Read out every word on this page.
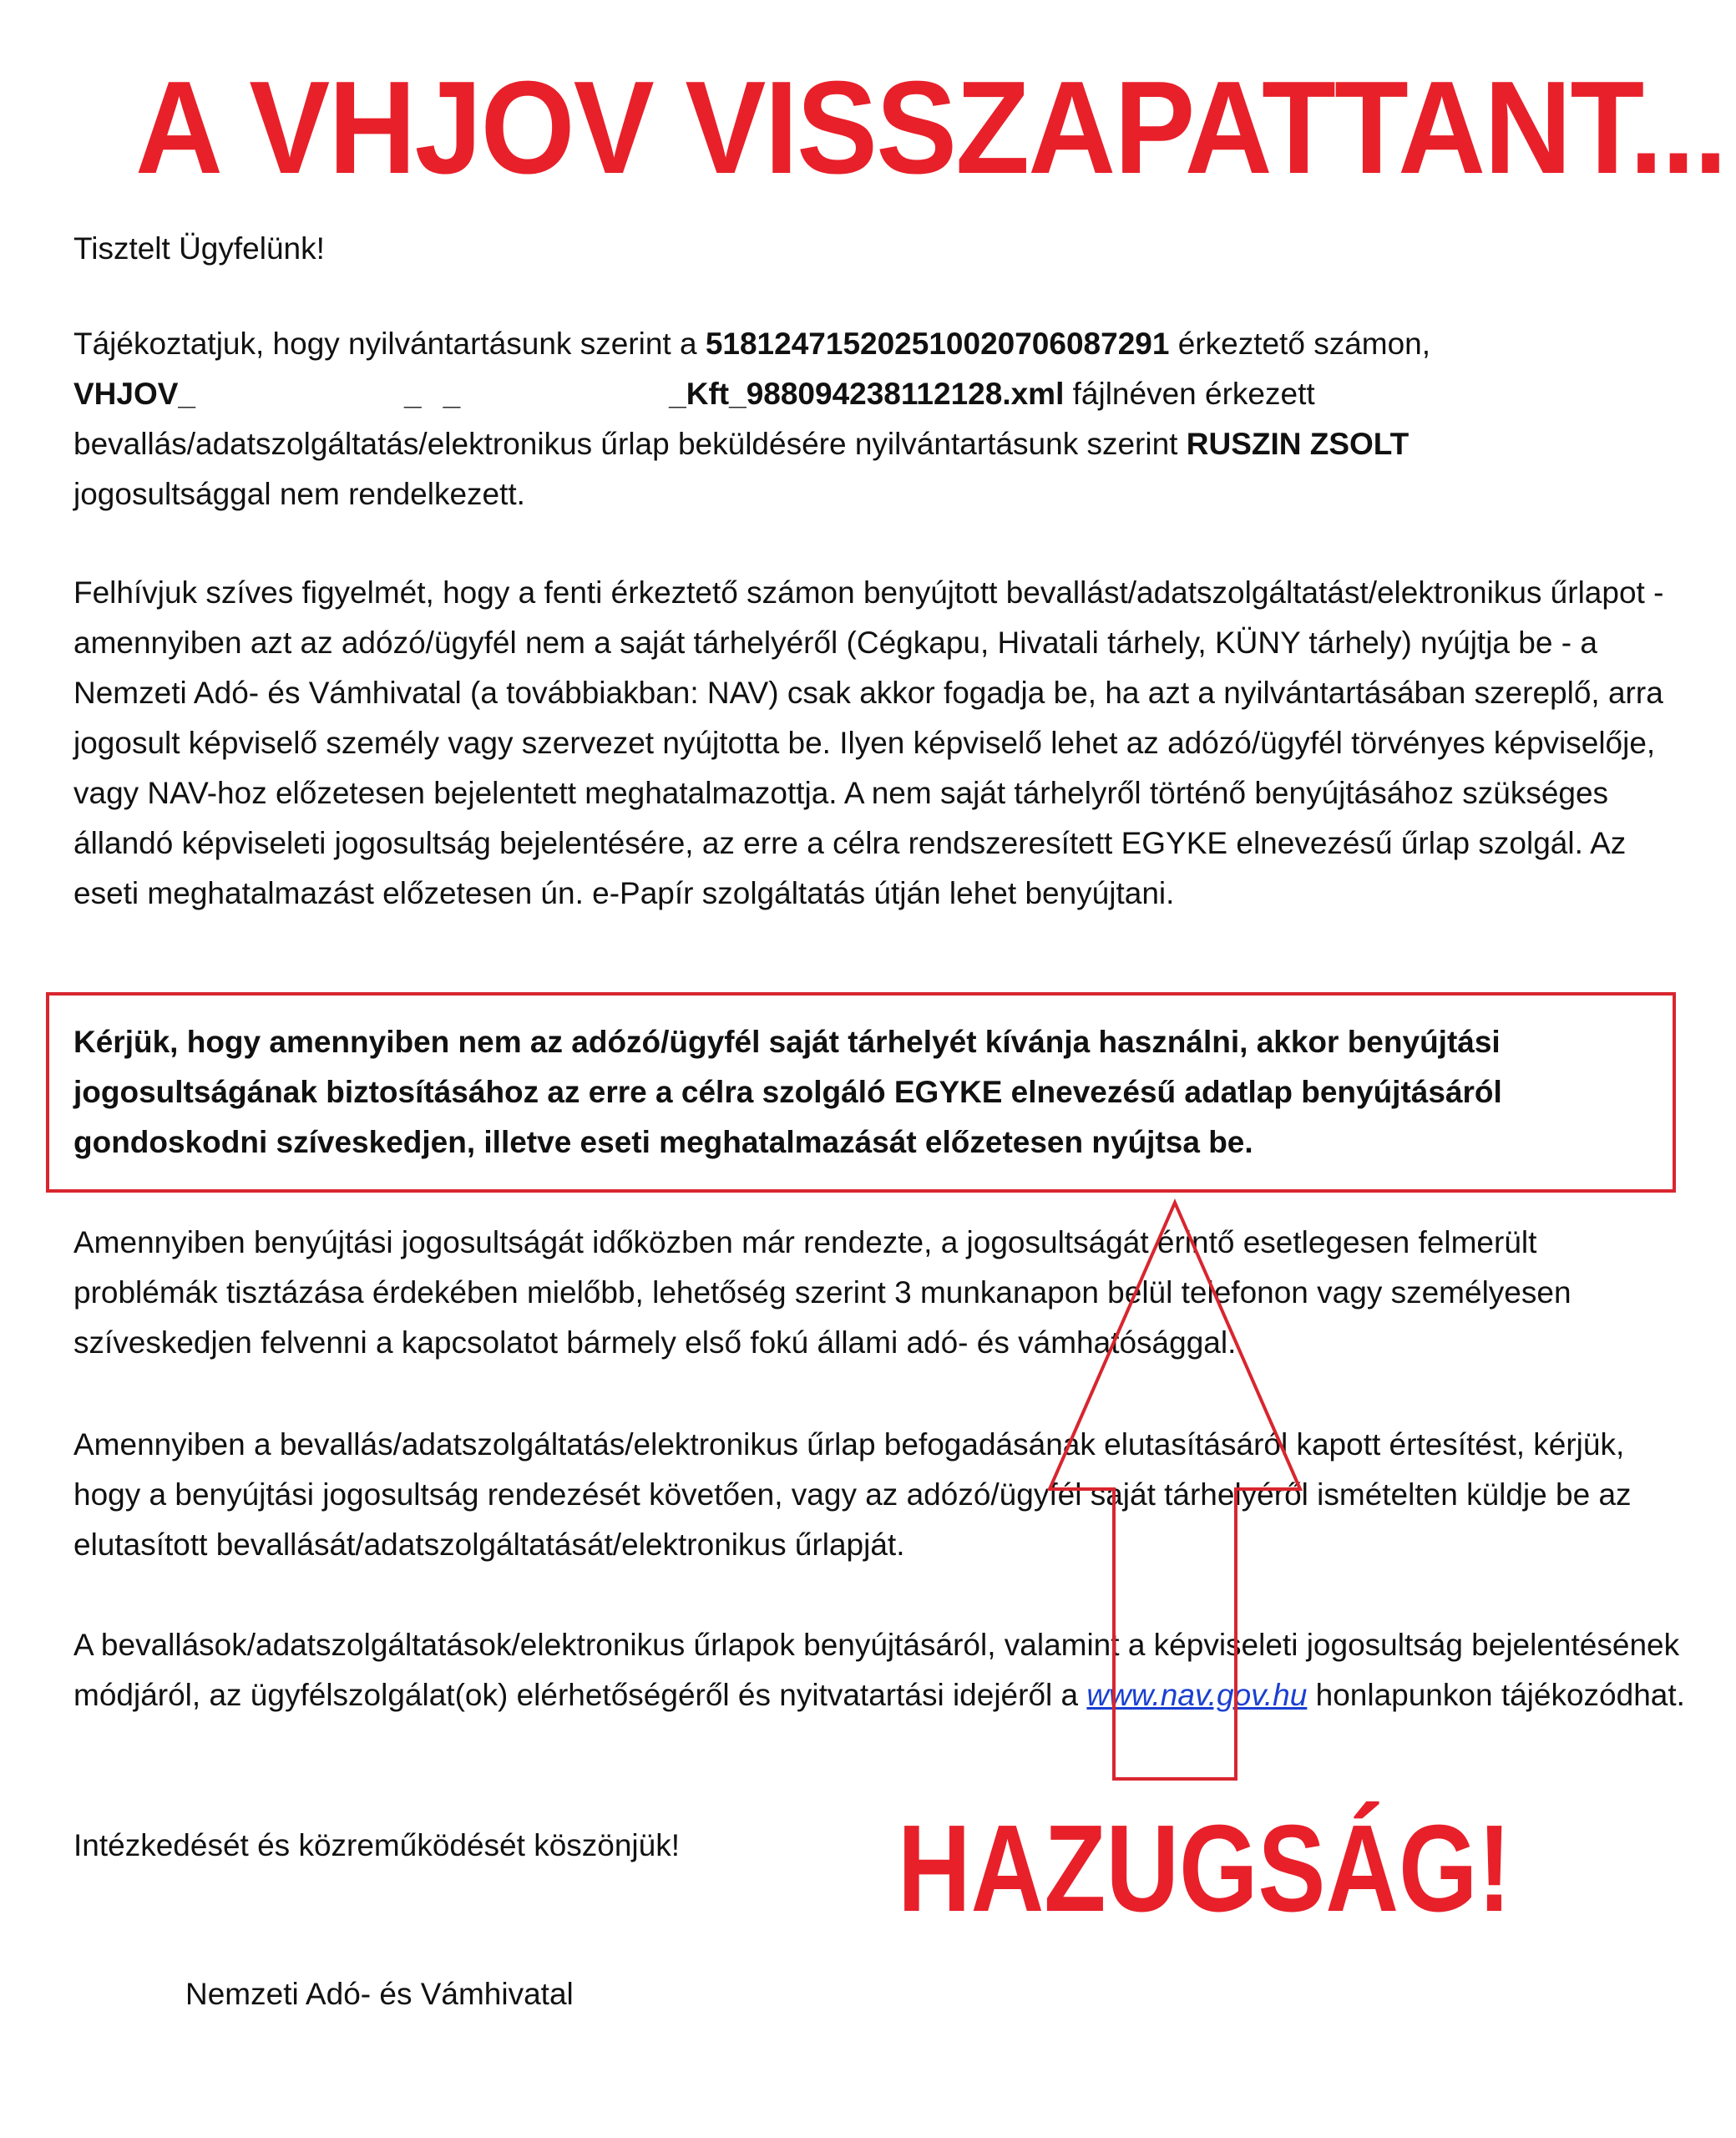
A VHJOV VISSZAPATTANT...

Tisztelt Ügyfelünk!

Tájékoztatjuk, hogy nyilvántartásunk szerint a 518124715202510020706087291 érkeztető számon,
VHJOV_	_ _	_Kft_988094238112128.xml fájlnéven érkezett
bevallás/adatszolgáltatás/elektronikus űrlap beküldésére nyilvántartásunk szerint RUSZIN ZSOLT
jogosultsággal nem rendelkezett.

Felhívjuk szíves figyelmét, hogy a fenti érkeztető számon benyújtott bevallást/adatszolgáltatást/elektronikus űrlapot - amennyiben azt az adózó/ügyfél nem a saját tárhelyéről (Cégkapu, Hivatali tárhely, KÜNY tárhely) nyújtja be - a Nemzeti Adó- és Vámhivatal (a továbbiakban: NAV) csak akkor fogadja be, ha azt a nyilvántartásában szereplő, arra jogosult képviselő személy vagy szervezet nyújtotta be. Ilyen képviselő lehet az adózó/ügyfél törvényes képviselője, vagy NAV-hoz előzetesen bejelentett meghatalmazottja. A nem saját tárhelyről történő benyújtásához szükséges állandó képviseleti jogosultság bejelentésére, az erre a célra rendszeresített EGYKE elnevezésű űrlap szolgál. Az eseti meghatalmazást előzetesen ún. e-Papír szolgáltatás útján lehet benyújtani.

Kérjük, hogy amennyiben nem az adózó/ügyfél saját tárhelyét kívánja használni, akkor benyújtási jogosultságának biztosításához az erre a célra szolgáló EGYKE elnevezésű adatlap benyújtásáról gondoskodni szíveskedjen, illetve eseti meghatalmazását előzetesen nyújtsa be.

Amennyiben benyújtási jogosultságát időközben már rendezte, a jogosultságát érintő esetlegesen felmerült problémák tisztázása érdekében mielőbb, lehetőség szerint 3 munkanapon belül telefonon vagy személyesen szíveskedjen felvenni a kapcsolatot bármely első fokú állami adó- és vámhatósággal.

Amennyiben a bevallás/adatszolgáltatás/elektronikus űrlap befogadásának elutasításáról kapott értesítést, kérjük, hogy a benyújtási jogosultság rendezését követően, vagy az adózó/ügyfél saját tárhelyéről ismételten küldje be az elutasított bevallását/adatszolgáltatását/elektronikus űrlapját.

A bevallások/adatszolgáltatások/elektronikus űrlapok benyújtásáról, valamint a képviseleti jogosultság bejelentésének módjáról, az ügyfélszolgálat(ok) elérhetőségéről és nyitvatartási idejéről a www.nav.gov.hu honlapunkon tájékozódhat.

Intézkedését és közreműködését köszönjük!	HAZUGSÁG!
Nemzeti Adó- és Vámhivatal
